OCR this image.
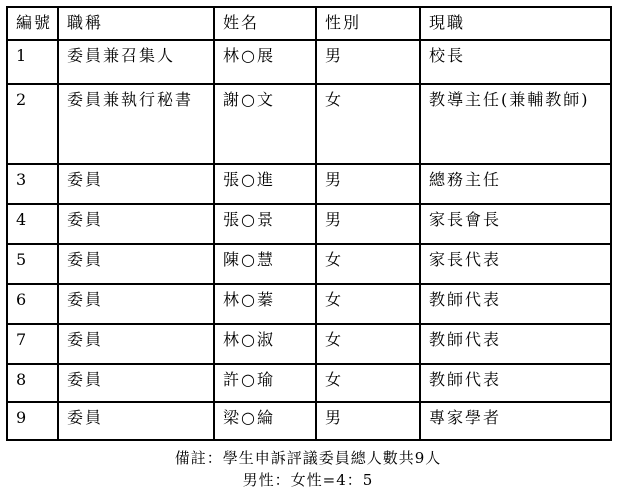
編號	職稱	姓名	性別	現職
1	委員兼召集人	林○展	男	校長
2	委員兼執行秘書	謝○文	女	教導主任(兼輔教師)
3	委員	張○進	男	總務主任
4	委員	張○景	男	家長會長
5	委員	陳○慧	女	家長代表
6	委員	林○蓁	女	教師代表
7	委員	林○淑	女	教師代表
8	委員	許○瑜	女	教師代表
9	委員	梁○綸	男	專家學者
備註：學生申訴評議委員總人數共9人
男性：女性=4：5
